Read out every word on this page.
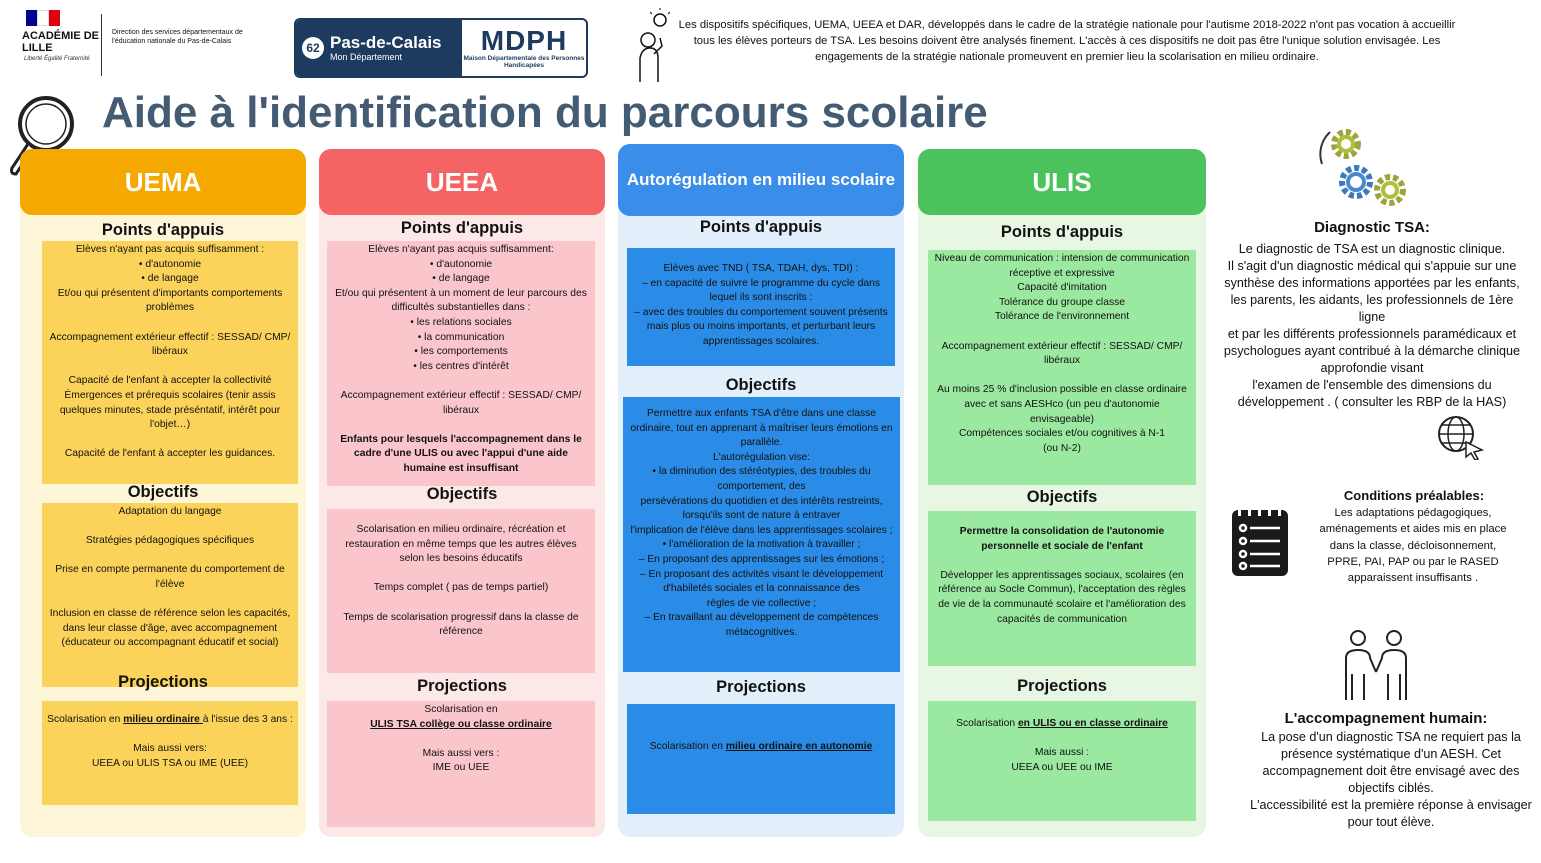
ACADÉMIE DE LILLE
Liberté Égalité Fraternité
Direction des services départementaux de l'éducation nationale du Pas-de-Calais	62 Pas-de-Calais
Mon Département
MDPH
Maison Départementale des Personnes Handicapées
Les dispositifs spécifiques, UEMA, UEEA et DAR, développés dans le cadre de la stratégie nationale pour l'autisme 2018-2022 n'ont pas vocation à accueillir tous les élèves porteurs de TSA. Les besoins doivent être analysés finement. L'accès à ces dispositifs ne doit pas être l'unique solution envisagée. Les engagements de la stratégie nationale promeuvent en premier lieu la scolarisation en milieu ordinaire.
Aide à l'identification du parcours scolaire
UEMA
Points d'appuis

Elèves n'ayant pas acquis suffisamment :

• d'autonomie

• de langage

Et/ou qui présentent d'importants comportements problèmes

Accompagnement extérieur effectif : SESSAD/ CMP/ libéraux

Capacité de l'enfant à accepter la collectivité

Émergences et prérequis scolaires (tenir assis quelques minutes, stade préséntatif, intérêt pour l'objet…)

Capacité de l'enfant à accepter les guidances.

Objectifs

Adaptation du langage

Stratégies pédagogiques spécifiques

Prise en compte permanente du comportement de l'élève

Inclusion en classe de référence selon les capacités, dans leur classe d'âge, avec accompagnement (éducateur ou accompagnant éducatif et social)

Projections

Scolarisation en milieu ordinaire à l'issue des 3 ans :

Mais aussi vers:

UEEA ou ULIS TSA ou IME (UEE)

UEEA
Points d'appuis

Elèves n'ayant pas acquis suffisamment:

• d'autonomie

• de langage

Et/ou qui présentent à un moment de leur parcours des difficultés substantielles dans :

• les relations sociales

• la communication

• les comportements

• les centres d'intérêt

Accompagnement extérieur effectif : SESSAD/ CMP/ libéraux

Enfants pour lesquels l'accompagnement dans le cadre d'une ULIS ou avec l'appui d'une aide humaine est insuffisant

Objectifs

Scolarisation en milieu ordinaire, récréation et restauration en même temps que les autres élèves selon les besoins éducatifs

Temps complet ( pas de temps partiel)

Temps de scolarisation progressif dans la classe de référence

Projections

Scolarisation en

ULIS TSA collège ou classe ordinaire

Mais aussi vers :

IME ou UEE

Autorégulation en milieu scolaire
Points d'appuis

Elèves avec TND ( TSA, TDAH, dys, TDI) :

– en capacité de suivre le programme du cycle dans lequel ils sont inscrits :

– avec des troubles du comportement souvent présents mais plus ou moins importants, et perturbant leurs apprentissages scolaires.

Objectifs

Permettre aux enfants TSA d'être dans une classe ordinaire, tout en apprenant à maîtriser leurs émotions en parallèle.

L'autorégulation vise:

• la diminution des stéréotypies, des troubles du comportement, des

persévérations du quotidien et des intérêts restreints, lorsqu'ils sont de nature à entraver

l'implication de l'élève dans les apprentissages scolaires ;

• l'amélioration de la motivation à travailler ;

– En proposant des apprentissages sur les émotions ;

– En proposant des activités visant le développement d'habiletés sociales et la connaissance des

règles de vie collective ;

– En travaillant au développement de compétences métacognitives.

Projections

Scolarisation en milieu ordinaire en autonomie

ULIS
Points d'appuis

Niveau de communication : intension de communication réceptive et expressive

Capacité d'imitation

Tolérance du groupe classe

Tolérance de l'environnement

Accompagnement extérieur effectif : SESSAD/ CMP/ libéraux

Au moins 25 % d'inclusion possible en classe ordinaire avec et sans AESHco (un peu d'autonomie envisageable)

Compétences sociales et/ou cognitives à N-1

(ou N-2)

Objectifs

Permettre la consolidation de l'autonomie personnelle et sociale de l'enfant

Développer les apprentissages sociaux, scolaires (en référence au Socle Commun), l'acceptation des règles de vie de la communauté scolaire et l'amélioration des capacités de communication

Projections

Scolarisation en ULIS ou en classe ordinaire

Mais aussi :

UEEA ou UEE ou IME

Diagnostic TSA:

Le diagnostic de TSA est un diagnostic clinique.

Il s'agit d'un diagnostic médical qui s'appuie sur une synthèse des informations apportées par les enfants, les parents, les aidants, les professionnels de 1ère ligne

et par les différents professionnels paramédicaux et psychologues ayant contribué à la démarche clinique approfondie visant

l'examen de l'ensemble des dimensions du développement . ( consulter les RBP de la HAS)

Conditions préalables:
Les adaptations pédagogiques, aménagements et aides mis en place dans la classe, décloisonnement, PPRE, PAI, PAP ou par le RASED apparaissent insuffisants .
L'accompagnement humain:
La pose d'un diagnostic TSA ne requiert pas la présence systématique d'un AESH. Cet accompagnement doit être envisagé avec des objectifs ciblés.
L'accessibilité est la première réponse à envisager pour tout élève.
